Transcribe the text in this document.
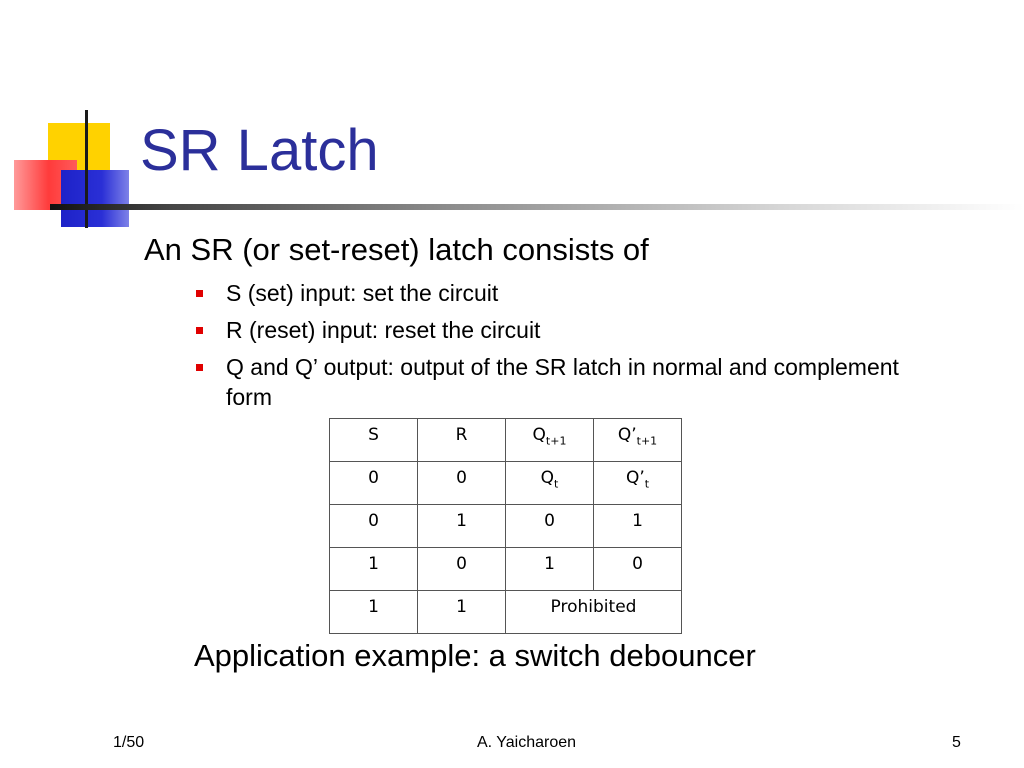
SR Latch
An SR (or set-reset) latch consists of
S (set) input: set the circuit
R (reset) input: reset the circuit
Q and Q’ output: output of the SR latch in normal and complement form
S	R	$Q_{t+1}$	$Q’_{t+1}$
0	0	$Q_t$	$Q’_t$
0	1	0	1
1	0	1	0
1	1	Prohibited	
Application example: a switch debouncer
1/50	A. Yaicharoen	5
